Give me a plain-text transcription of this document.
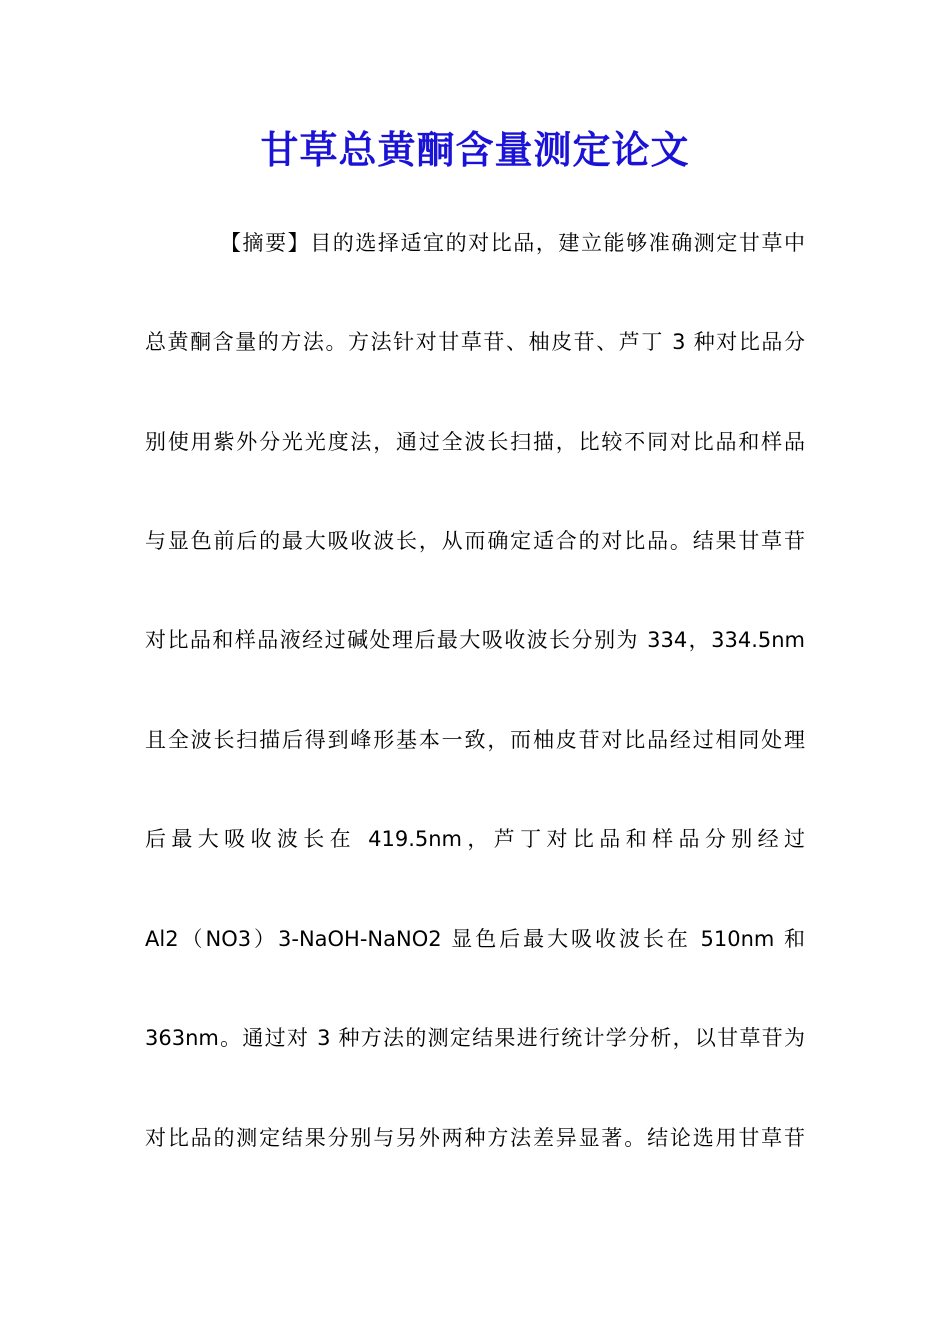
甘草总黄酮含量测定论文
【摘要】目的选择适宜的对比品，建立能够准确测定甘草中
总黄酮含量的方法。方法针对甘草苷、柚皮苷、芦丁 3 种对比品分
别使用紫外分光光度法，通过全波长扫描，比较不同对比品和样品
与显色前后的最大吸收波长，从而确定适合的对比品。结果甘草苷
对比品和样品液经过碱处理后最大吸收波长分别为 334，334.5nm
且全波长扫描后得到峰形基本一致，而柚皮苷对比品经过相同处理
后最大吸收波长在 419.5nm，芦丁对比品和样品分别经过
Al2（NO3）3-NaOH-NaNO2 显色后最大吸收波长在 510nm 和
363nm。通过对 3 种方法的测定结果进行统计学分析，以甘草苷为
对比品的测定结果分别与另外两种方法差异显著。结论选用甘草苷
